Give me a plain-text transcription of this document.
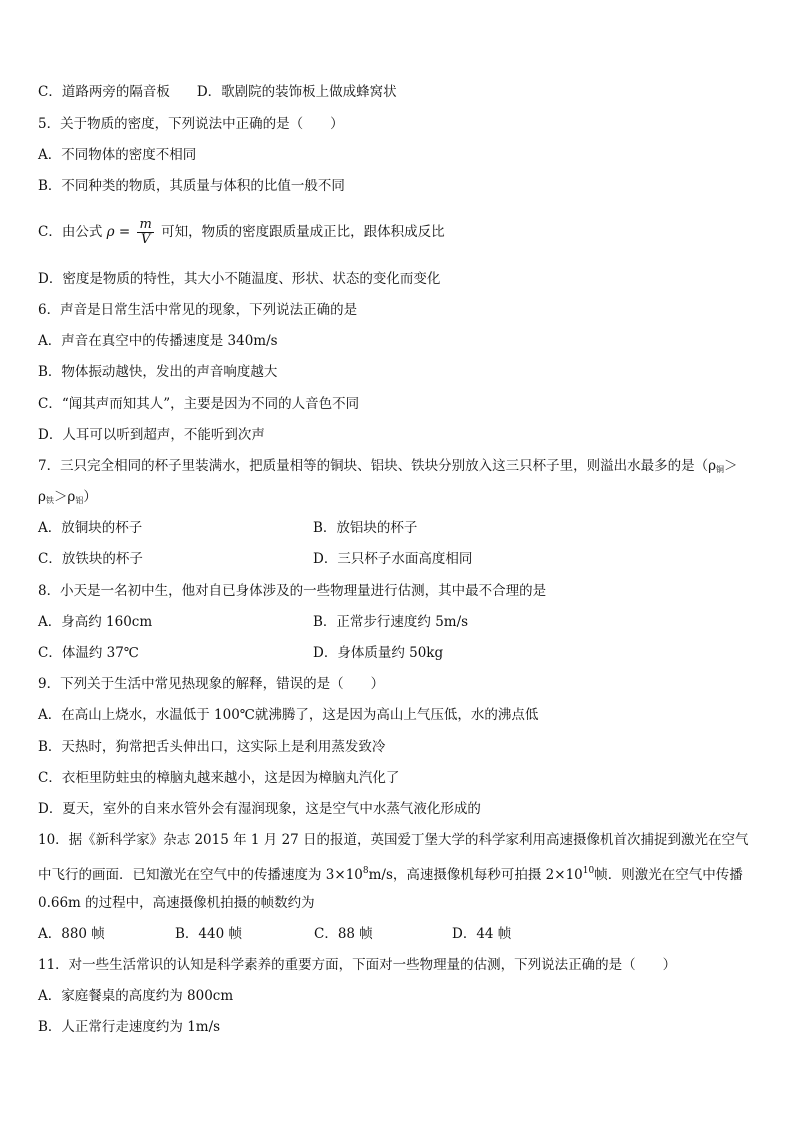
C．道路两旁的隔音板　　D．歌剧院的装饰板上做成蜂窝状
5．关于物质的密度，下列说法中正确的是（　　）
A．不同物体的密度不相同
B．不同种类的物质，其质量与体积的比值一般不同
C．由公式 $\rho = \frac{m}{V}$ 可知，物质的密度跟质量成正比，跟体积成反比
D．密度是物质的特性，其大小不随温度、形状、状态的变化而变化
6．声音是日常生活中常见的现象，下列说法正确的是
A．声音在真空中的传播速度是 340m/s
B．物体振动越快，发出的声音响度越大
C．“闻其声而知其人”，主要是因为不同的人音色不同
D．人耳可以听到超声，不能听到次声
7．三只完全相同的杯子里装满水，把质量相等的铜块、铝块、铁块分别放入这三只杯子里，则溢出水最多的是（$\rho_铜>$
$\rho_铁>\rho_铝$）
A．放铜块的杯子	B．放铝块的杯子
C．放铁块的杯子	D．三只杯子水面高度相同
8．小天是一名初中生，他对自已身体涉及的一些物理量进行估测，其中最不合理的是
A．身高约 160cm	B．正常步行速度约 5m/s
C．体温约 37℃	D．身体质量约 50kg
9．下列关于生活中常见热现象的解释，错误的是（　　）
A．在高山上烧水，水温低于 100℃就沸腾了，这是因为高山上气压低，水的沸点低
B．天热时，狗常把舌头伸出口，这实际上是利用蒸发致冷
C．衣柜里防蛀虫的樟脑丸越来越小，这是因为樟脑丸汽化了
D．夏天，室外的自来水管外会有湿润现象，这是空气中水蒸气液化形成的
10．据《新科学家》杂志 2015 年 1 月 27 日的报道，英国爱丁堡大学的科学家利用高速摄像机首次捕捉到激光在空气
中飞行的画面．已知激光在空气中的传播速度为 $3\times 10^8m/s$，高速摄像机每秒可拍摄 $2\times 10^{10}$帧．则激光在空气中传播
0.66m 的过程中，高速摄像机拍摄的帧数约为
A．880 帧	B．440 帧	C．88 帧	D．44 帧
11．对一些生活常识的认知是科学素养的重要方面，下面对一些物理量的估测，下列说法正确的是（　　）
A．家庭餐桌的高度约为 800cm
B．人正常行走速度约为 1m/s
